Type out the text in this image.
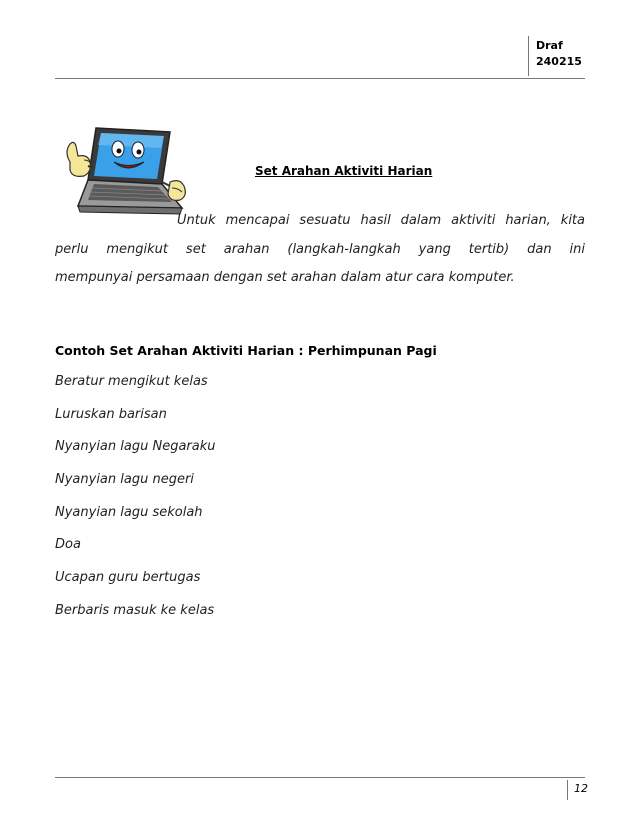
Draf
240215
Set Arahan Aktiviti Harian
Untuk mencapai sesuatu hasil dalam aktiviti harian, kita
perlu mengikut set arahan (langkah-langkah yang tertib) dan ini
mempunyai persamaan dengan set arahan dalam atur cara komputer.
Contoh Set Arahan Aktiviti Harian : Perhimpunan Pagi
Beratur mengikut kelas
Luruskan barisan
Nyanyian lagu Negaraku
Nyanyian lagu negeri
Nyanyian lagu sekolah
Doa
Ucapan guru bertugas
Berbaris masuk ke kelas
12
